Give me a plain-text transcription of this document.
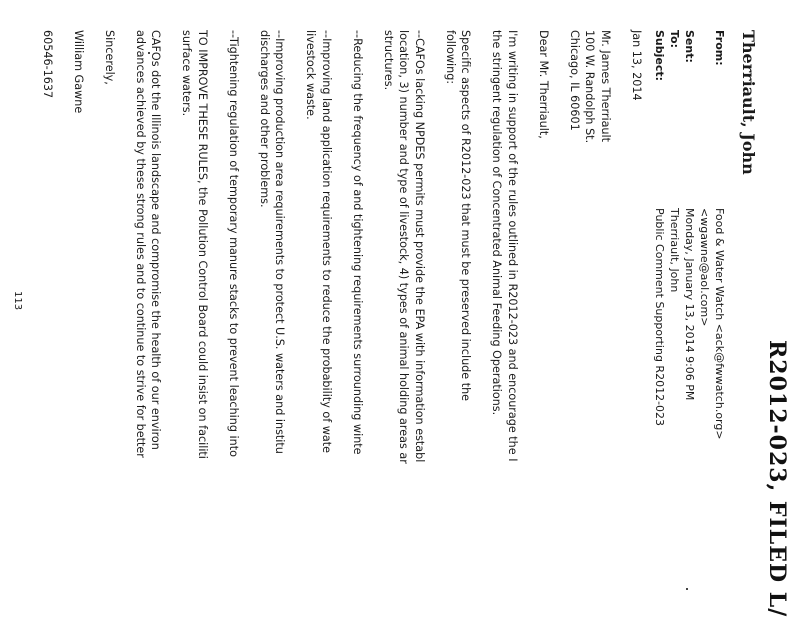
R2012-023, FILED L/
Therriault, John
From:
Food & Water Watch <ack@fwwatch.org>
<wgawne@aol.com>
Sent:
Monday, January 13, 2014 9:06 PM
To:
Therriault, John
Subject:
Public Comment Supporting R2012-023
Jan 13, 2014
Mr. James Therriault
100 W. Randolph St.
Chicago, IL 60601
Dear Mr. Therriault,
I'm writing in support of the rules outlined in R2012-023 and encourage the I
the stringent regulation of Concentrated Animal Feeding Operations.
Specific aspects of R2012-023 that must be preserved include the
following:
--CAFOs lacking NPDES permits must provide the EPA with information establ
location, 3) number and type of livestock, 4) types of animal holding areas ar
structures.
--Reducing the frequency of and tightening requirements surrounding winte
--Improving land application requirements to reduce the probability of wate
livestock waste.
--Improving production area requirements to protect U.S. waters and institu
discharges and other problems.
--Tightening regulation of temporary manure stacks to prevent leaching into
TO IMPROVE THESE RULES, the Pollution Control Board could insist on faciliti
surface waters.
CAFOs dot the Illinois landscape and compromise the health of our environ
advances achieved by these strong rules and to continue to strive for better
Sincerely,
William Gawne
60546-1637
113
